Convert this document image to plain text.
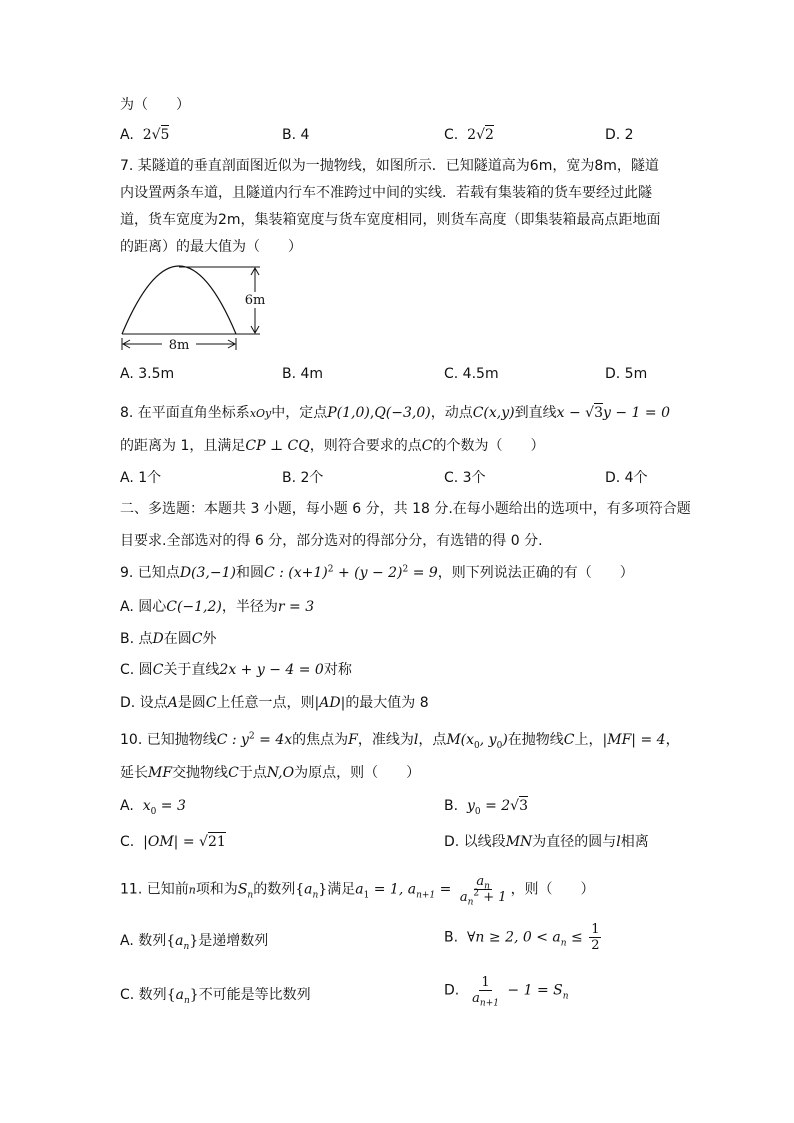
为（　　）
A. 2√5	B. 4	C. 2√2	D. 2
7. 某隧道的垂直剖面图近似为一抛物线，如图所示．已知隧道高为6m，宽为8m，隧道
内设置两条车道，且隧道内行车不准跨过中间的实线．若载有集装箱的货车要经过此隧
道，货车宽度为2m，集装箱宽度与货车宽度相同，则货车高度（即集装箱最高点距地面
的距离）的最大值为（　　）
6m
8m
A. 3.5m	B. 4m	C. 4.5m	D. 5m
8. 在平面直角坐标系xOy中，定点P(1,0),Q(−3,0)，动点C(x,y)到直线x − √3y − 1 = 0
的距离为 1，且满足CP ⊥ CQ，则符合要求的点C的个数为（　　）
A. 1个	B. 2个	C. 3个	D. 4个
二、多选题：本题共 3 小题，每小题 6 分，共 18 分.在每小题给出的选项中，有多项符合题
目要求.全部选对的得 6 分，部分选对的得部分分，有选错的得 0 分.
9. 已知点D(3,−1)和圆C : $(x+1)^2 + (y - 2)^2 = 9$，则下列说法正确的有（　　）
A. 圆心C(−1,2)，半径为r = 3
B. 点D在圆C外
C. 圆C关于直线2x + y − 4 = 0对称
D. 设点A是圆C上任意一点，则|AD|的最大值为 8
10. 已知抛物线C : $y^2 = 4x$的焦点为F，准线为l，点$M(x_0$, $y_0$)在抛物线C上，|MF| = 4，
延长MF交抛物线C于点N,O为原点，则（　　）
A. $x_0 = 3$	B. $y_0 = 2√3$
C. |OM| = √21	D. 以线段MN为直径的圆与l相离
11. 已知前n项和为$S_n$的数列$\{a_n\}$满足$a_1 = 1$, $a_{n+1} = \frac{a_n}{a_n^2 + 1}$ ，则（　　）
A. 数列$\{a_n\}$是递增数列	B. ∀n ≥ 2, $0 < a_n \le \frac{1}{2}$
C. 数列$\{a_n\}$不可能是等比数列	D. $\frac{1}{a_{n+1}} - 1 = S_n$
